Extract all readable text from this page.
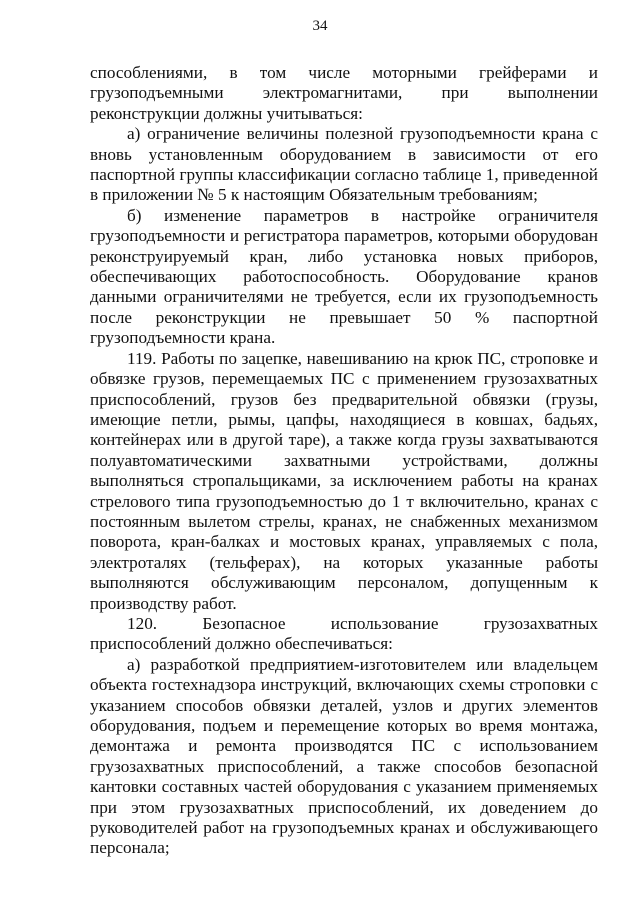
34

способлениями, в том числе моторными грейферами и грузоподъемными электромагнитами, при выполнении реконструкции должны учитываться:

а) ограничение величины полезной грузоподъемности крана с вновь установленным оборудованием в зависимости от его паспортной группы классификации согласно таблице 1, приведенной в приложении № 5 к настоящим Обязательным требованиям;

б) изменение параметров в настройке ограничителя грузоподъемности и регистратора параметров, которыми оборудован реконструируемый кран, либо установка новых приборов, обеспечивающих работоспособность. Оборудование кранов данными ограничителями не требуется, если их грузоподъемность после реконструкции не превышает 50 % паспортной грузоподъемности крана.

119. Работы по зацепке, навешиванию на крюк ПС, строповке и обвязке грузов, перемещаемых ПС с применением грузозахватных приспособлений, грузов без предварительной обвязки (грузы, имеющие петли, рымы, цапфы, находящиеся в ковшах, бадьях, контейнерах или в другой таре), а также когда грузы захватываются полуавтоматическими захватными устройствами, должны выполняться стропальщиками, за исключением работы на кранах стрелового типа грузоподъемностью до 1 т включительно, кранах с постоянным вылетом стрелы, кранах, не снабженных механизмом поворота, кран-балках и мостовых кранах, управляемых с пола, электроталях (тельферах), на которых указанные работы выполняются обслуживающим персоналом, допущенным к производству работ.

120. Безопасное использование грузозахватных приспособлений должно обеспечиваться:

а) разработкой предприятием-изготовителем или владельцем объекта гостехнадзора инструкций, включающих схемы строповки с указанием способов обвязки деталей, узлов и других элементов оборудования, подъем и перемещение которых во время монтажа, демонтажа и ремонта производятся ПС с использованием грузозахватных приспособлений, а также способов безопасной кантовки составных частей оборудования с указанием применяемых при этом грузозахватных приспособлений, их доведением до руководителей работ на грузоподъемных кранах и обслуживающего персонала;
